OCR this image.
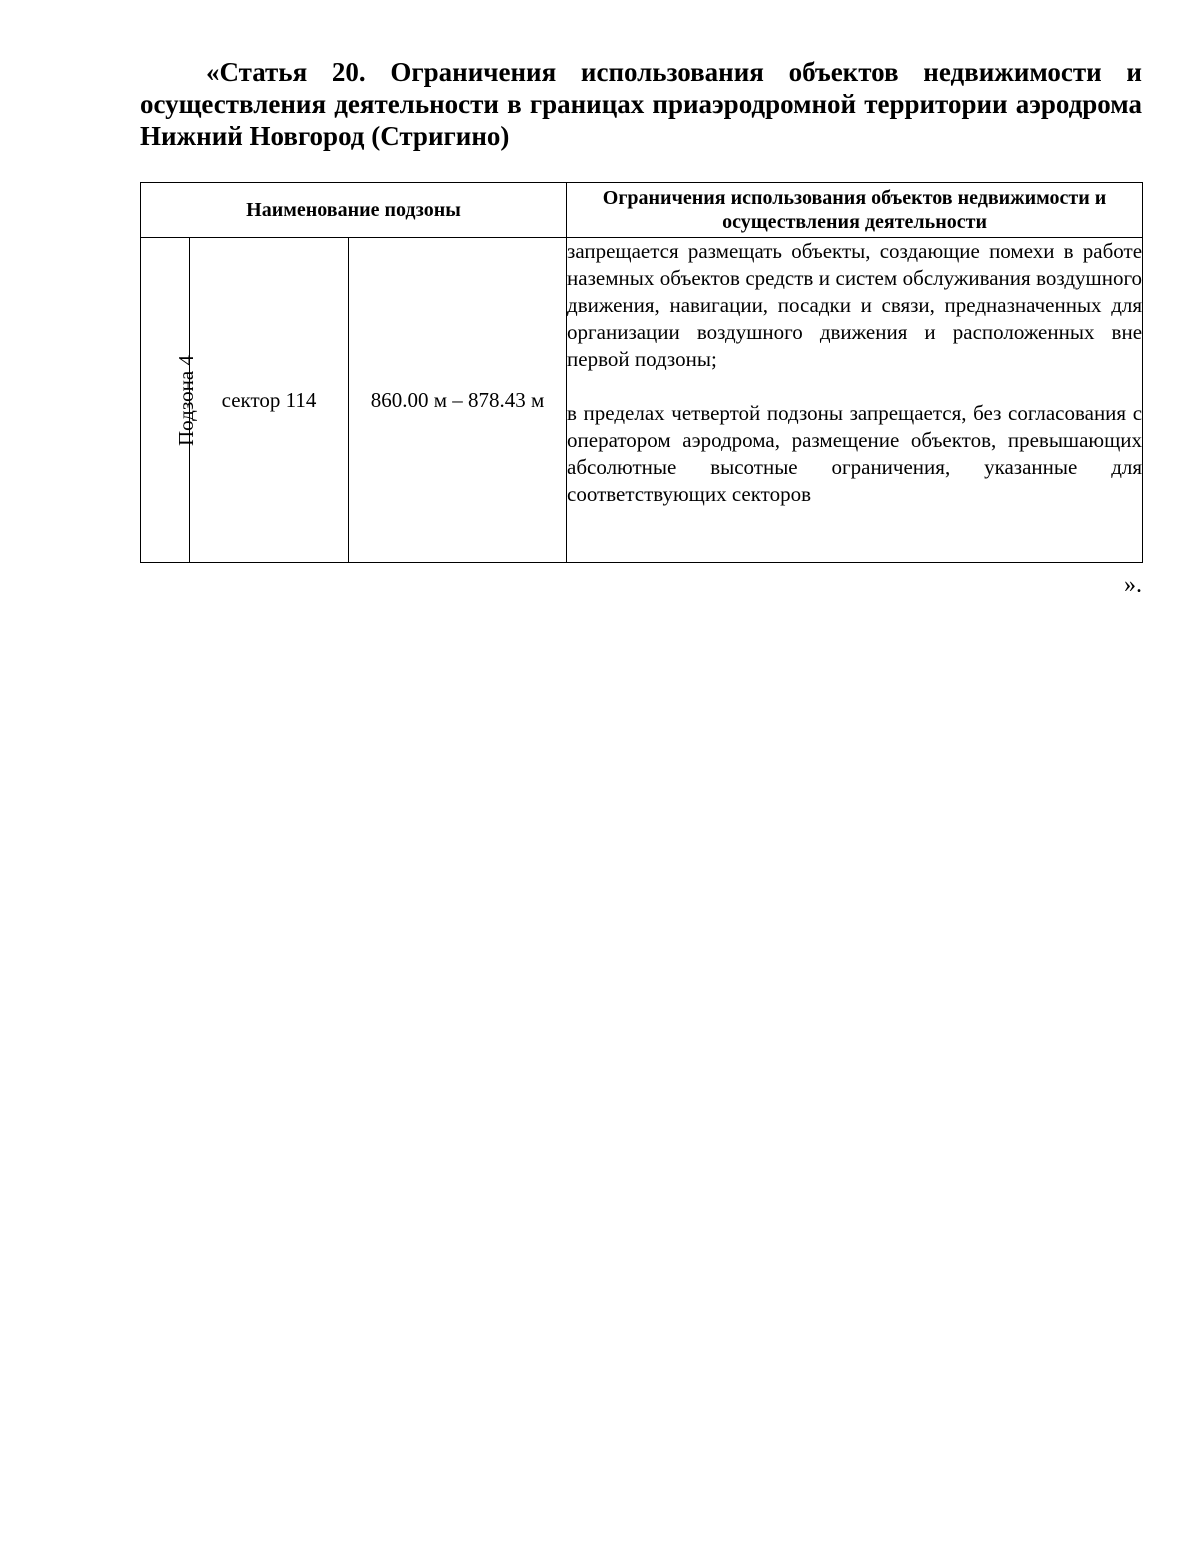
«Статья 20. Ограничения использования объектов недвижимости и осуществления деятельности в границах приаэродромной территории аэродрома Нижний Новгород (Стригино)

Наименование подзоны			Ограничения использования объектов недвижимости и осуществления деятельности
Подзона 4	сектор 114	860.00 м – 878.43 м	запрещается размещать объекты, создающие помехи в работе наземных объектов средств и систем обслуживания воздушного движения, навигации, посадки и связи, предназначенных для организации воздушного движения и расположенных вне первой подзоны;

в пределах четвертой подзоны запрещается, без согласования с оператором аэродрома, размещение объектов, превышающих абсолютные высотные ограничения, указанные для соответствующих секторов

».
